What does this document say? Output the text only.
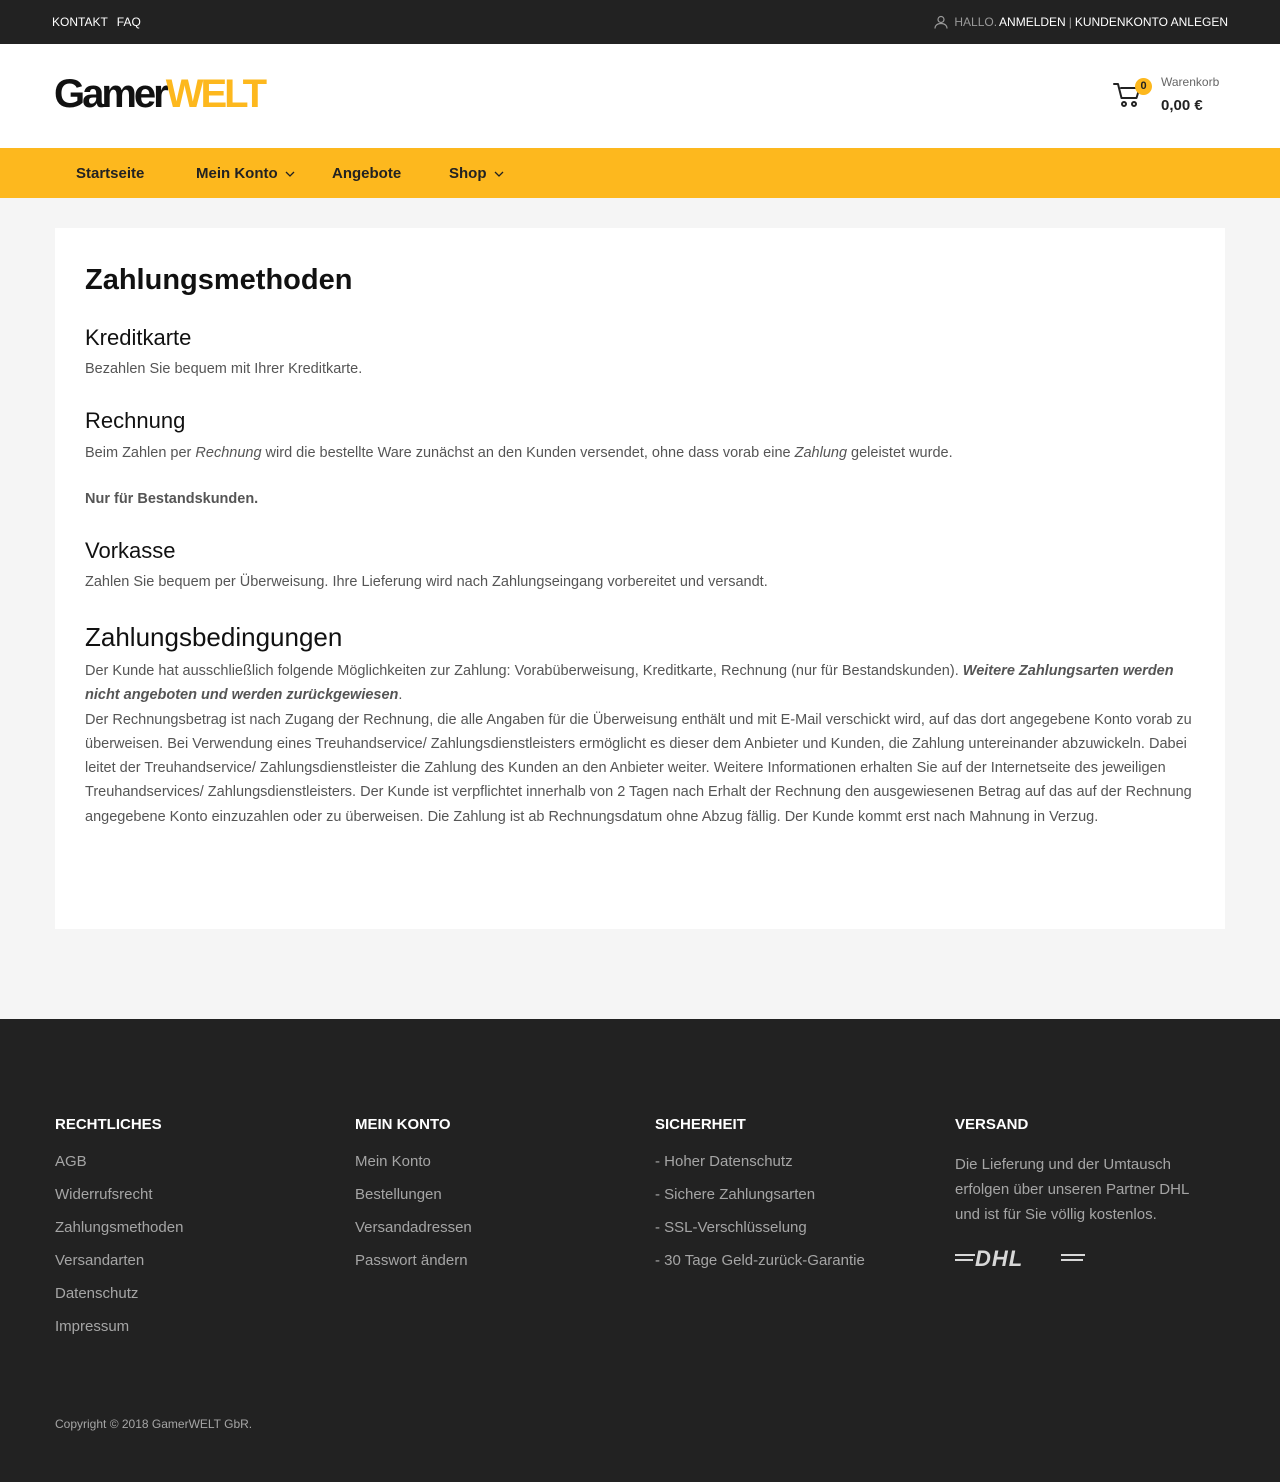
KONTAKT FAQ	HALLO. ANMELDEN | KUNDENKONTO ANLEGEN
GamerWELT	0	Warenkorb
0,00 €
Startseite	Mein Konto	Angebote	Shop
Zahlungsmethoden
Kreditkarte

Bezahlen Sie bequem mit Ihrer Kreditkarte.

Rechnung

Beim Zahlen per Rechnung wird die bestellte Ware zunächst an den Kunden versendet, ohne dass vorab eine Zahlung geleistet wurde.

Nur für Bestandskunden.

Vorkasse

Zahlen Sie bequem per Überweisung. Ihre Lieferung wird nach Zahlungseingang vorbereitet und versandt.

Zahlungsbedingungen

Der Kunde hat ausschließlich folgende Möglichkeiten zur Zahlung: Vorabüberweisung, Kreditkarte, Rechnung (nur für Bestandskunden). Weitere Zahlungsarten werden nicht angeboten und werden zurückgewiesen.
Der Rechnungsbetrag ist nach Zugang der Rechnung, die alle Angaben für die Überweisung enthält und mit E-Mail verschickt wird, auf das dort angegebene Konto vorab zu überweisen. Bei Verwendung eines Treuhandservice/ Zahlungsdienstleisters ermöglicht es dieser dem Anbieter und Kunden, die Zahlung untereinander abzuwickeln. Dabei leitet der Treuhandservice/ Zahlungsdienstleister die Zahlung des Kunden an den Anbieter weiter. Weitere Informationen erhalten Sie auf der Internetseite des jeweiligen Treuhandservices/ Zahlungsdienstleisters. Der Kunde ist verpflichtet innerhalb von 2 Tagen nach Erhalt der Rechnung den ausgewiesenen Betrag auf das auf der Rechnung angegebene Konto einzuzahlen oder zu überweisen. Die Zahlung ist ab Rechnungsdatum ohne Abzug fällig. Der Kunde kommt erst nach Mahnung in Verzug.

RECHTLICHES
AGB
Widerrufsrecht
Zahlungsmethoden
Versandarten
Datenschutz
Impressum
MEIN KONTO
Mein Konto
Bestellungen
Versandadressen
Passwort ändern
SICHERHEIT
- Hoher Datenschutz
- Sichere Zahlungsarten
- SSL-Verschlüsselung
- 30 Tage Geld-zurück-Garantie
VERSAND
Die Lieferung und der Umtausch erfolgen über unseren Partner DHL und ist für Sie völlig kostenlos.
DHL
Copyright © 2018 GamerWELT GbR.
